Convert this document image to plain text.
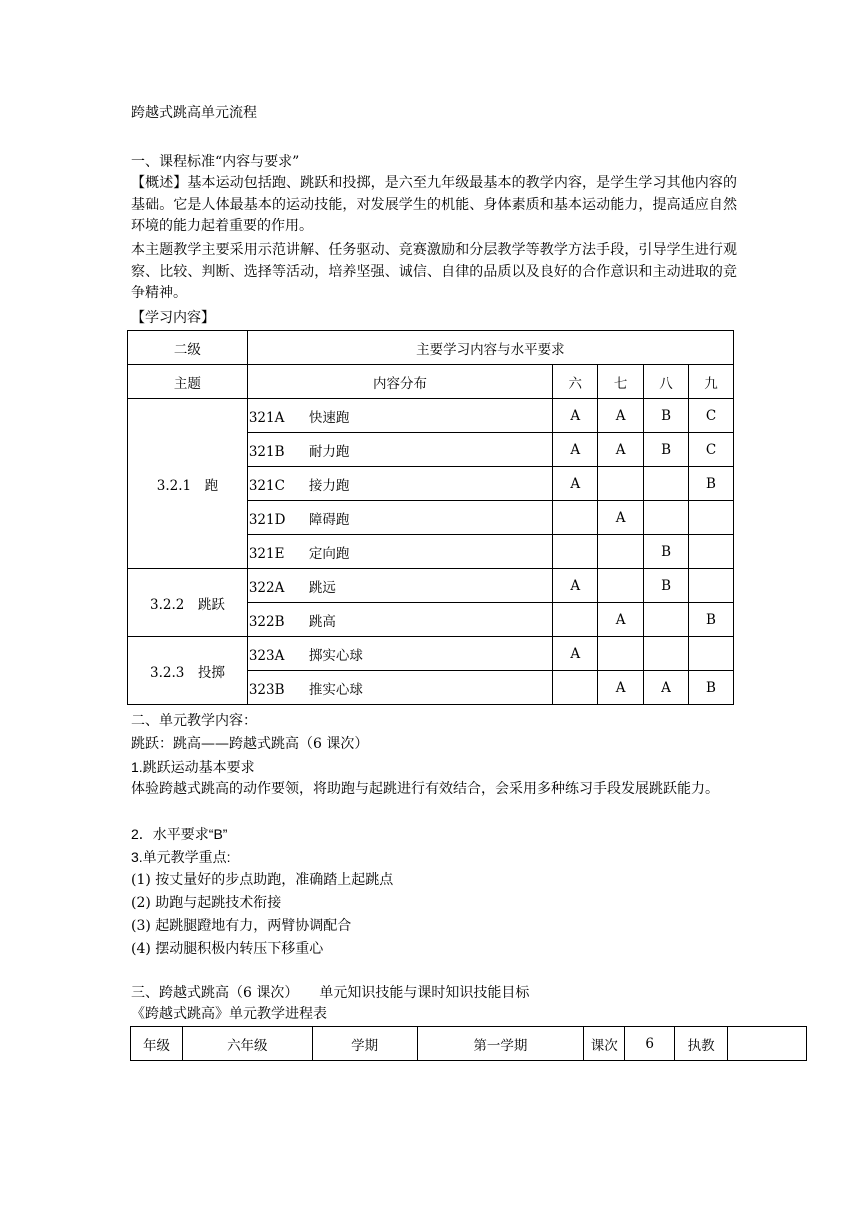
跨越式跳高单元流程
一、课程标准“内容与要求”
【概述】基本运动包括跑、跳跃和投掷，是六至九年级最基本的教学内容，是学生学习其他内容的基础。它是人体最基本的运动技能，对发展学生的机能、身体素质和基本运动能力，提高适应自然环境的能力起着重要的作用。
本主题教学主要采用示范讲解、任务驱动、竞赛激励和分层教学等教学方法手段，引导学生进行观察、比较、判断、选择等活动，培养坚强、诚信、自律的品质以及良好的合作意识和主动进取的竞争精神。
【学习内容】
二级	主要学习内容与水平要求				
主题	内容分布	六	七	八	九
3.2.1　跑	321A 快速跑	A	A	B	C
	321B 耐力跑	A	A	B	C
	321C 接力跑	A			B
	321D 障碍跑		A		
	321E 定向跑			B	
3.2.2　跳跃	322A 跳远	A		B	
	322B 跳高		A		B
3.2.3　投掷	323A 掷实心球	A			
	323B 推实心球		A	A	B
二、单元教学内容：
跳跃：跳高——跨越式跳高（6 课次）
1.跳跃运动基本要求
体验跨越式跳高的动作要领，将助跑与起跳进行有效结合，会采用多种练习手段发展跳跃能力。
2．水平要求“B”
3.单元教学重点:
(1) 按丈量好的步点助跑，准确踏上起跳点
(2) 助跑与起跳技术衔接
(3) 起跳腿蹬地有力，两臂协调配合
(4) 摆动腿积极内转压下移重心
三、跨越式跳高（6 课次）　　单元知识技能与课时知识技能目标
《跨越式跳高》单元教学进程表
年级	六年级	学期	第一学期	课次	6	执教	
